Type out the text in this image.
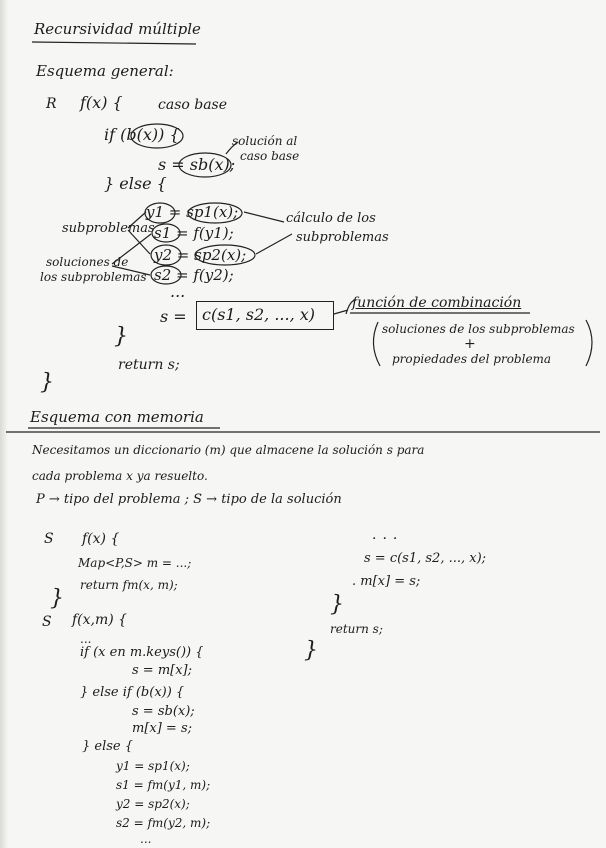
Recursividad múltiple
Esquema general:
R f(x) {	caso base
if (b(x)) {
s = sb(x);
solución al
caso base
} else {
y1 = sp1(x);
s1 = f(y1);
y2 = sp2(x);
s2 = f(y2);
subproblemas
soluciones de
los subproblemas
cálculo de los
subproblemas
...
s = c(s1, s2, ..., x)
función de combinación
soluciones de los subproblemas
+
propiedades del problema
}
return s;
}
Esquema con memoria
Necesitamos un diccionario (m) que almacene la solución s para
cada problema x ya resuelto.
P → tipo del problema ; S → tipo de la solución
S f(x) {
Map<P,S> m = ...;
return fm(x, m);
}
S f(x,m) {
...
if (x en m.keys()) {
s = m[x];
} else if (b(x)) {
s = sb(x);
m[x] = s;
} else {
y1 = sp1(x);
s1 = fm(y1, m);
y2 = sp2(x);
s2 = fm(y2, m);
...
...
s = c(s1, s2, ..., x);
. m[x] = s;
}
return s;
}
